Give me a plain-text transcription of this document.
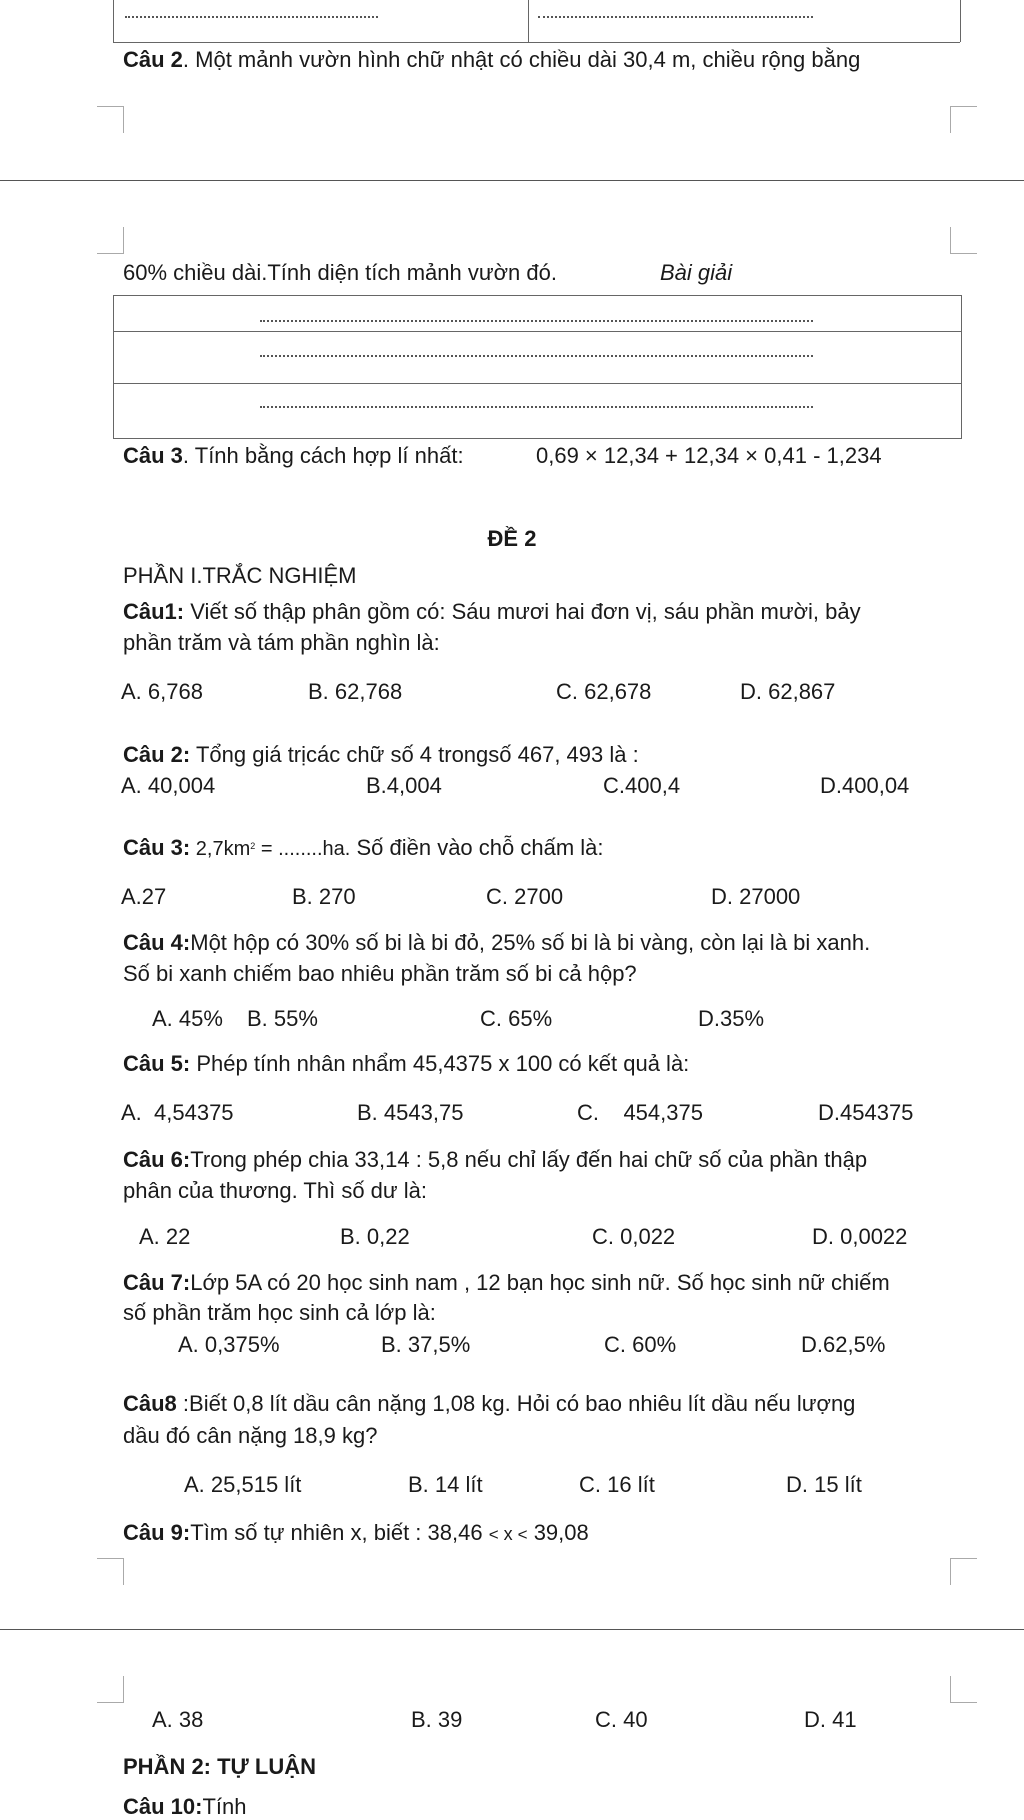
Câu 2. Một mảnh vườn hình chữ nhật có chiều dài 30,4 m, chiều rộng bằng
60% chiều dài.Tính diện tích mảnh vườn đó.	Bài giải
Câu 3. Tính bằng cách hợp lí nhất:	0,69 × 12,34 + 12,34 × 0,41 - 1,234
ĐỀ 2
PHẦN I.TRẮC NGHIỆM
Câu1: Viết số thập phân gồm có: Sáu mươi hai đơn vị, sáu phần mười, bảy
phần trăm và tám phần nghìn là:
A. 6,768	B. 62,768	C. 62,678	D. 62,867
Câu 2: Tổng giá trịcác chữ số 4 trongsố 467, 493 là :
A. 40,004	B.4,004	C.400,4	D.400,04
Câu 3: $2,7km^2 = ........ha$. Số điền vào chỗ chấm là:
A.27	B. 270	C. 2700	D. 27000
Câu 4:Một hộp có 30% số bi là bi đỏ, 25% số bi là bi vàng, còn lại là bi xanh.
Số bi xanh chiếm bao nhiêu phần trăm số bi cả hộp?
A. 45% B. 55%	C. 65%	D.35%
Câu 5: Phép tính nhân nhẩm 45,4375 x 100 có kết quả là:
A.  4,54375	B. 4543,75	C.    454,375	D.454375
Câu 6:Trong phép chia 33,14 : 5,8 nếu chỉ lấy đến hai chữ số của phần thập
phân của thương. Thì số dư là:
A. 22	B. 0,22	C. 0,022	D. 0,0022
Câu 7:Lớp 5A có 20 học sinh nam , 12 bạn học sinh nữ. Số học sinh nữ chiếm
số phần trăm học sinh cả lớp là:
A. 0,375%	B. 37,5%	C. 60%	D.62,5%
Câu8 :Biết 0,8 lít dầu cân nặng 1,08 kg. Hỏi có bao nhiêu lít dầu nếu lượng
dầu đó cân nặng 18,9 kg?
A. 25,515 lít	B. 14 lít	C. 16 lít	D. 15 lít
Câu 9:Tìm số tự nhiên x, biết : 38,46 < x < 39,08
A. 38	B. 39	C. 40	D. 41
PHẦN 2: TỰ LUẬN
Câu 10:Tính
